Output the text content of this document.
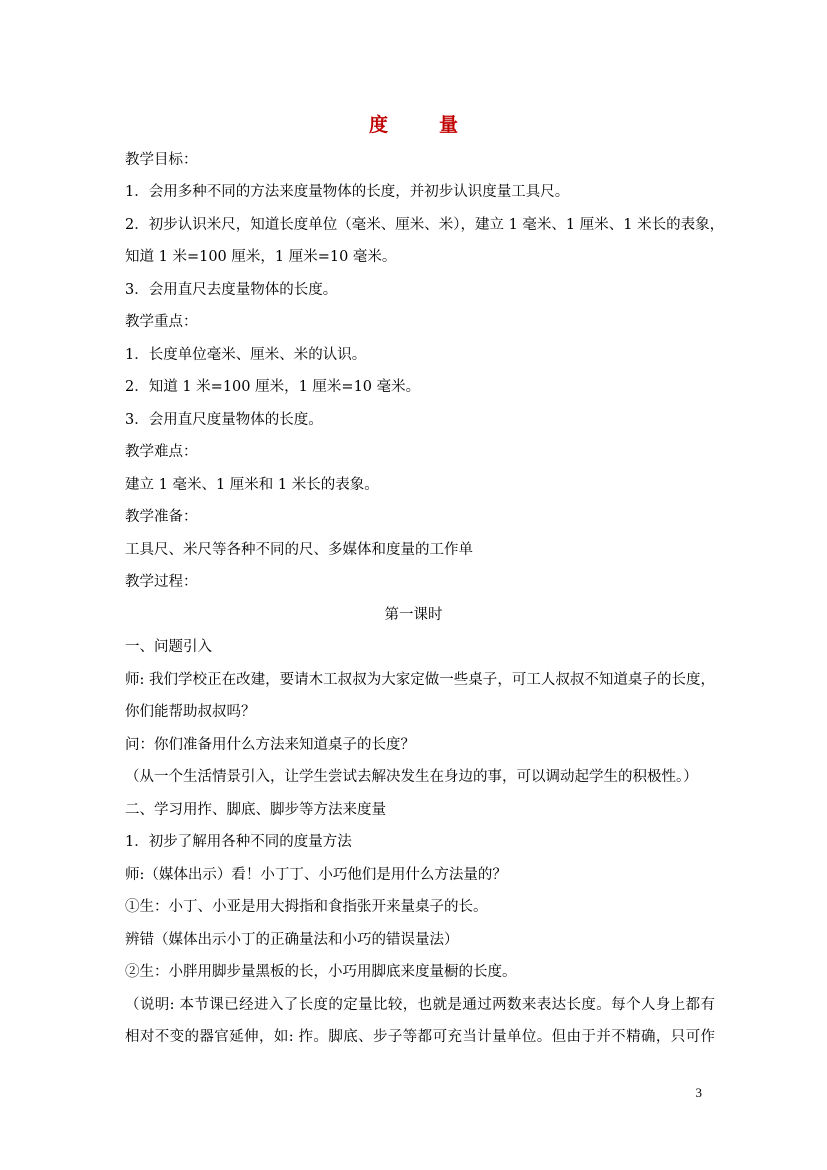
度　量
教学目标：
1．会用多种不同的方法来度量物体的长度，并初步认识度量工具尺。
2．初步认识米尺，知道长度单位（毫米、厘米、米），建立 1 毫米、1 厘米、1 米长的表象，
知道 1 米=100 厘米，1 厘米=10 毫米。
3．会用直尺去度量物体的长度。
教学重点：
1．长度单位毫米、厘米、米的认识。
2．知道 1 米=100 厘米，1 厘米=10 毫米。
3．会用直尺度量物体的长度。
教学难点：
建立 1 毫米、1 厘米和 1 米长的表象。
教学准备：
工具尺、米尺等各种不同的尺、多媒体和度量的工作单
教学过程：
第一课时
一、问题引入
师: 我们学校正在改建，要请木工叔叔为大家定做一些桌子，可工人叔叔不知道桌子的长度，
你们能帮助叔叔吗？
问：你们准备用什么方法来知道桌子的长度？
（从一个生活情景引入，让学生尝试去解决发生在身边的事，可以调动起学生的积极性。）
二、学习用拃、脚底、脚步等方法来度量
1．初步了解用各种不同的度量方法
师:（媒体出示）看！小丁丁、小巧他们是用什么方法量的？
①生：小丁、小亚是用大拇指和食指张开来量桌子的长。
辨错（媒体出示小丁的正确量法和小巧的错误量法）
②生：小胖用脚步量黑板的长，小巧用脚底来度量橱的长度。
（说明: 本节课已经进入了长度的定量比较，也就是通过两数来表达长度。每个人身上都有
相对不变的器官延伸，如: 拃。脚底、步子等都可充当计量单位。但由于并不精确，只可作
3
